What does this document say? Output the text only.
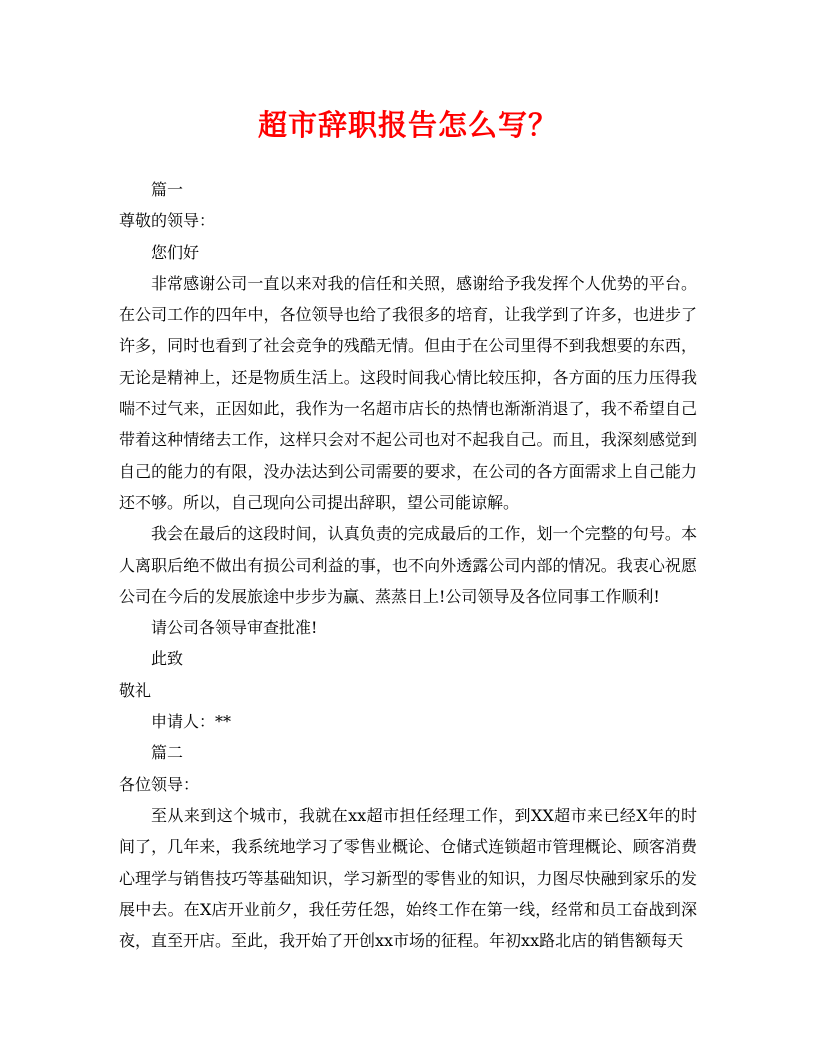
超市辞职报告怎么写？

篇一

尊敬的领导：

您们好

非常感谢公司一直以来对我的信任和关照，感谢给予我发挥个人优势的平台。在公司工作的四年中，各位领导也给了我很多的培育，让我学到了许多，也进步了许多，同时也看到了社会竞争的残酷无情。但由于在公司里得不到我想要的东西，无论是精神上，还是物质生活上。这段时间我心情比较压抑，各方面的压力压得我喘不过气来，正因如此，我作为一名超市店长的热情也渐渐消退了，我不希望自己带着这种情绪去工作，这样只会对不起公司也对不起我自己。而且，我深刻感觉到自己的能力的有限，没办法达到公司需要的要求，在公司的各方面需求上自己能力还不够。所以，自己现向公司提出辞职，望公司能谅解。

我会在最后的这段时间，认真负责的完成最后的工作，划一个完整的句号。本人离职后绝不做出有损公司利益的事，也不向外透露公司内部的情况。我衷心祝愿公司在今后的发展旅途中步步为赢、蒸蒸日上!公司领导及各位同事工作顺利!

请公司各领导审查批准!

此致

敬礼

申请人：**

篇二

各位领导：

至从来到这个城市，我就在xx超市担任经理工作，到XX超市来已经X年的时间了，几年来，我系统地学习了零售业概论、仓储式连锁超市管理概论、顾客消费心理学与销售技巧等基础知识，学习新型的零售业的知识，力图尽快融到家乐的发展中去。在X店开业前夕，我任劳任怨，始终工作在第一线，经常和员工奋战到深夜，直至开店。至此，我开始了开创xx市场的征程。年初xx路北店的销售额每天
